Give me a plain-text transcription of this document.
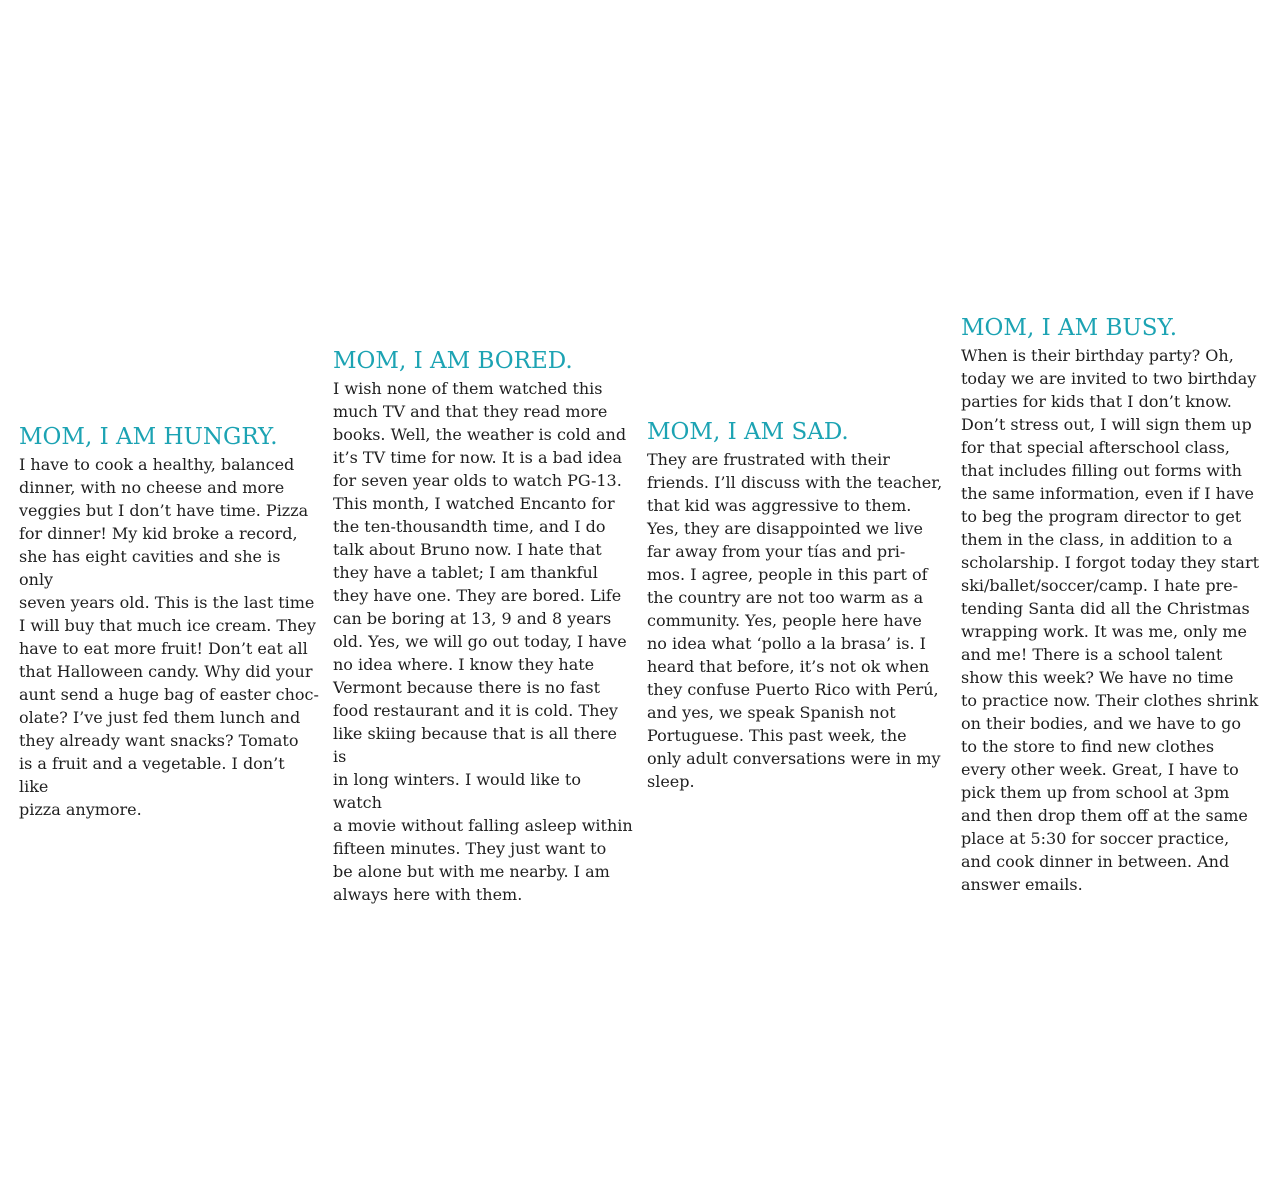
MOM, I AM HUNGRY.

I have to cook a healthy, balanced
dinner, with no cheese and more
veggies but I don’t have time. Pizza
for dinner! My kid broke a record,
she has eight cavities and she is only
seven years old. This is the last time
I will buy that much ice cream. They
have to eat more fruit! Don’t eat all
that Halloween candy. Why did your
aunt send a huge bag of easter choc-
olate? I’ve just fed them lunch and
they already want snacks? Tomato
is a fruit and a vegetable. I don’t like
pizza anymore.

MOM, I AM BORED.

I wish none of them watched this
much TV and that they read more
books. Well, the weather is cold and
it’s TV time for now. It is a bad idea
for seven year olds to watch PG-13.
This month, I watched Encanto for
the ten-thousandth time, and I do
talk about Bruno now. I hate that
they have a tablet; I am thankful
they have one. They are bored. Life
can be boring at 13, 9 and 8 years
old. Yes, we will go out today, I have
no idea where. I know they hate
Vermont because there is no fast
food restaurant and it is cold. They
like skiing because that is all there is
in long winters. I would like to watch
a movie without falling asleep within
fifteen minutes. They just want to
be alone but with me nearby. I am
always here with them.

MOM, I AM SAD.

They are frustrated with their
friends. I’ll discuss with the teacher,
that kid was aggressive to them.
Yes, they are disappointed we live
far away from your tías and pri-
mos. I agree, people in this part of
the country are not too warm as a
community. Yes, people here have
no idea what ‘pollo a la brasa’ is. I
heard that before, it’s not ok when
they confuse Puerto Rico with Perú,
and yes, we speak Spanish not
Portuguese. This past week, the
only adult conversations were in my
sleep.

MOM, I AM BUSY.

When is their birthday party? Oh,
today we are invited to two birthday
parties for kids that I don’t know.
Don’t stress out, I will sign them up
for that special afterschool class,
that includes filling out forms with
the same information, even if I have
to beg the program director to get
them in the class, in addition to a
scholarship. I forgot today they start
ski/ballet/soccer/camp. I hate pre-
tending Santa did all the Christmas
wrapping work. It was me, only me
and me! There is a school talent
show this week? We have no time
to practice now. Their clothes shrink
on their bodies, and we have to go
to the store to find new clothes
every other week. Great, I have to
pick them up from school at 3pm
and then drop them off at the same
place at 5:30 for soccer practice,
and cook dinner in between. And
answer emails.
